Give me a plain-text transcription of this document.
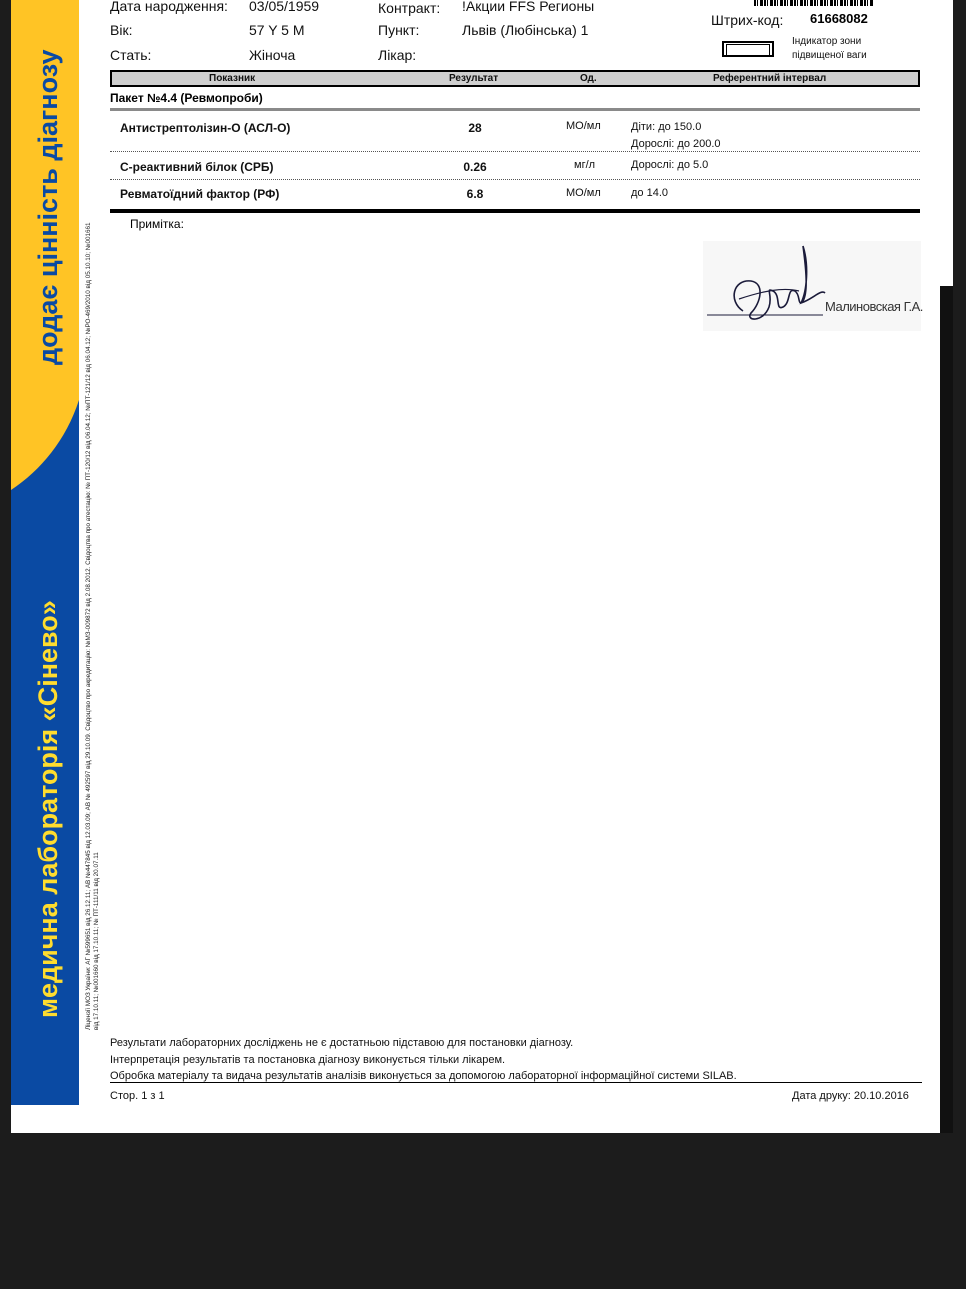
додає цінність діагнозу
медична лабораторія «Сінево»	Ліцензії МОЗ України: АГ №599651 від 26.12.11; АВ №447845 від 12.03.09; АВ № 492597 від 29.10.09. Свідоцтво про акредитацію: №МЗ-009872 від 2.08.2012. Свідоцтва про атестацію: № ПТ-120/12 від 06.04.12; №ПТ-121/12 від 06.04.12; №РО-469/2010 від 05.10.10; №001661 від 17.10.11; №001660 від 17.10.11; № ПТ-111/11 від 20.07.11
Дата народження: 03/05/1959
Вік:	57 Y 5 M
Стать:	Жіноча
Контракт: !Акции FFS Регионы
Пункт:	Львів (Любінська) 1
Лікар:
Штрих-код: 61668082
Індикатор зони
підвищеної ваги
Показник	Результат	Од.	Референтний інтервал
Пакет №4.4 (Ревмопроби)
Антистрептолізин-О (АСЛ-О)	28	МО/мл	Діти: до 150.0
Дорослі: до 200.0
С-реактивний білок (СРБ)	0.26	мг/л	Дорослі: до 5.0
Ревматоїдний фактор (РФ)	6.8	МО/мл	до 14.0
Примітка:
Малиновская Г.А.
Результати лабораторних досліджень не є достатньою підставою для постановки діагнозу.
Інтерпретація результатів та постановка діагнозу виконується тільки лікарем.
Обробка матеріалу та видача результатів аналізів виконується за допомогою лабораторної інформаційної системи SILAB.
Стор. 1 з 1	Дата друку: 20.10.2016
